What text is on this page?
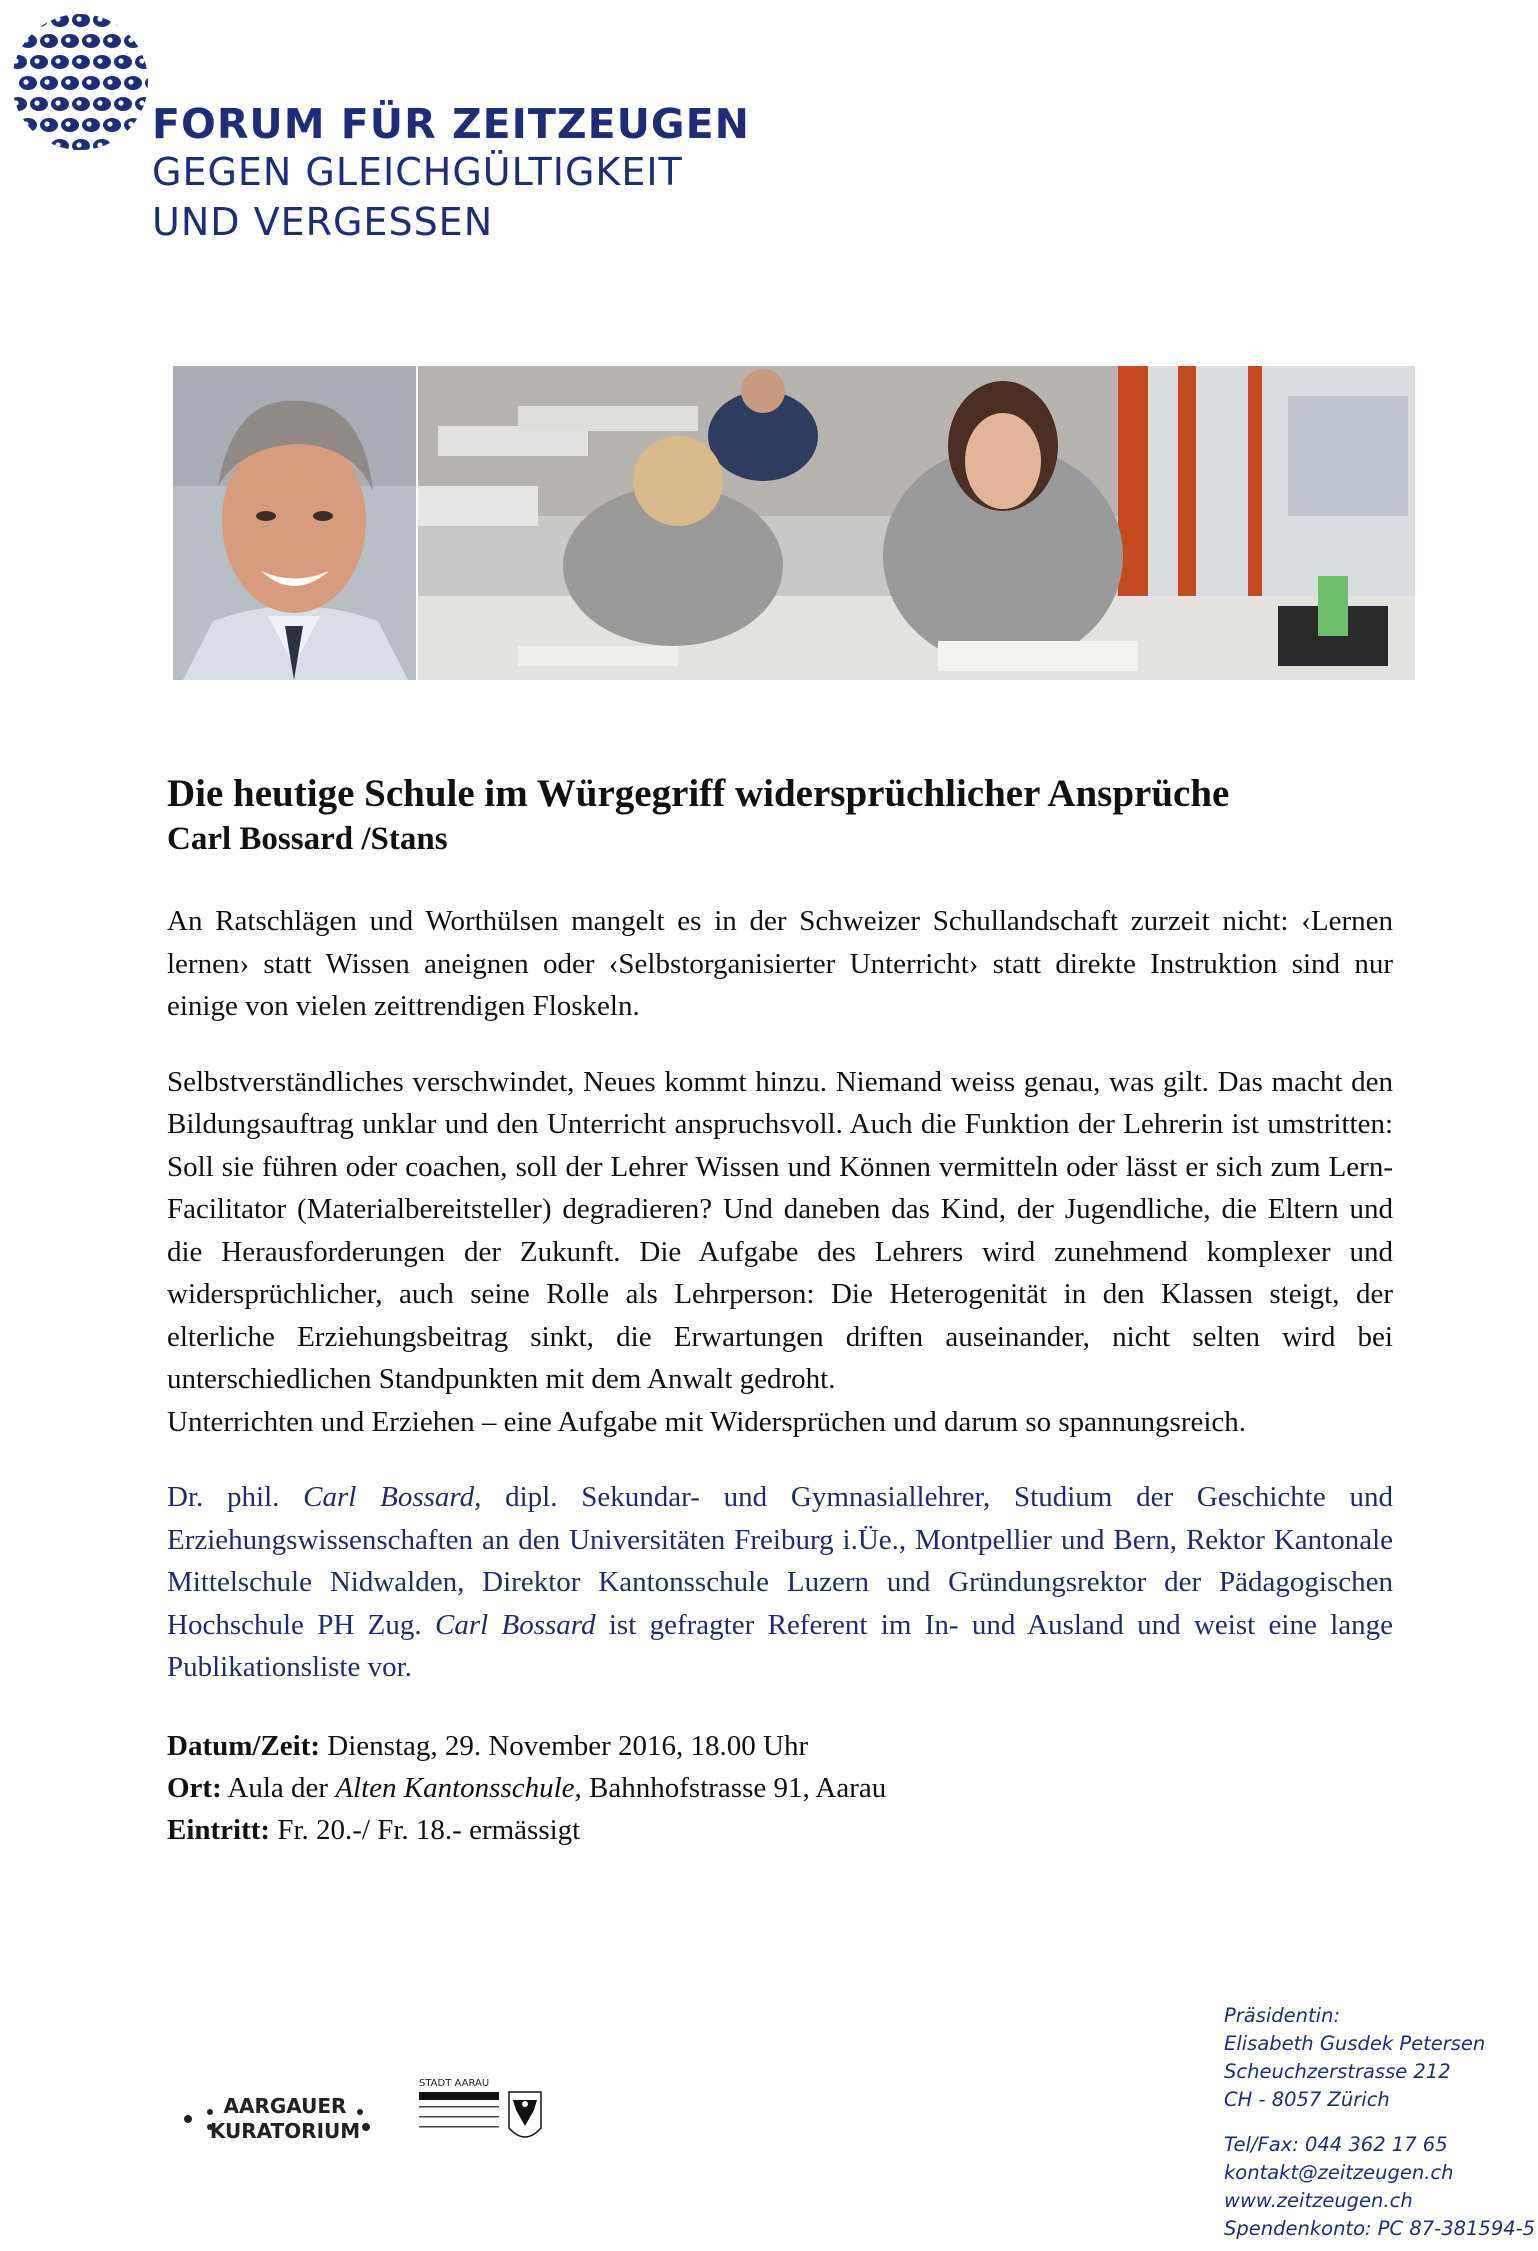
FORUM FÜR ZEITZEUGEN
GEGEN GLEICHGÜLTIGKEIT
UND VERGESSEN
Die heutige Schule im Würgegriff widersprüchlicher Ansprüche
Carl Bossard /Stans

An Ratschlägen und Worthülsen mangelt es in der Schweizer Schullandschaft zurzeit nicht: ‹Lernen lernen› statt Wissen aneignen oder ‹Selbstorganisierter Unterricht› statt direkte Instruktion sind nur einige von vielen zeittrendigen Floskeln.

Selbstverständliches verschwindet, Neues kommt hinzu. Niemand weiss genau, was gilt. Das macht den Bildungsauftrag unklar und den Unterricht anspruchsvoll. Auch die Funktion der Lehrerin ist umstritten: Soll sie führen oder coachen, soll der Lehrer Wissen und Können vermitteln oder lässt er sich zum Lern-Facilitator (Materialbereitsteller) degradieren? Und daneben das Kind, der Jugendliche, die Eltern und die Herausforderungen der Zukunft. Die Aufgabe des Lehrers wird zunehmend komplexer und widersprüchlicher, auch seine Rolle als Lehrperson: Die Heterogenität in den Klassen steigt, der elterliche Erziehungsbeitrag sinkt, die Erwartungen driften auseinander, nicht selten wird bei unterschiedlichen Standpunkten mit dem Anwalt gedroht.

Unterrichten und Erziehen – eine Aufgabe mit Widersprüchen und darum so spannungsreich.

Dr. phil. Carl Bossard, dipl. Sekundar- und Gymnasiallehrer, Studium der Geschichte und Erziehungswissenschaften an den Universitäten Freiburg i.Üe., Montpellier und Bern, Rektor Kantonale Mittelschule Nidwalden, Direktor Kantonsschule Luzern und Gründungsrektor der Pädagogischen Hochschule PH Zug. Carl Bossard ist gefragter Referent im In- und Ausland und weist eine lange Publikationsliste vor.

Datum/Zeit: Dienstag, 29. November 2016, 18.00 Uhr
Ort: Aula der Alten Kantonsschule, Bahnhofstrasse 91, Aarau
Eintritt: Fr. 20.-/ Fr. 18.- ermässigt
AARGAUER
KURATORIUM
STADT AARAU
Präsidentin:
Elisabeth Gusdek Petersen
Scheuchzerstrasse 212
CH - 8057 Zürich
Tel/Fax: 044 362 17 65
kontakt@zeitzeugen.ch
www.zeitzeugen.ch
Spendenkonto: PC 87-381594-5
